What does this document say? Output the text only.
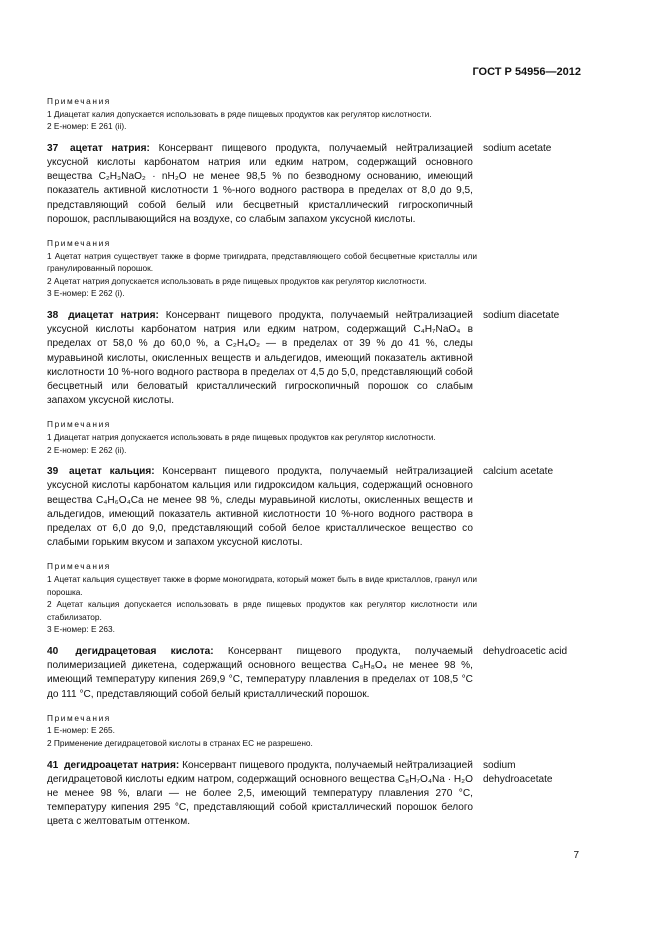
ГОСТ Р 54956—2012
Примечания
1 Диацетат калия допускается использовать в ряде пищевых продуктов как регулятор кислотности.
2 Е-номер: Е 261 (ii).

37 ацетат натрия: Консервант пищевого продукта, получаемый нейтрализацией уксусной кислоты карбонатом натрия или едким натром, содержащий основного вещества C₂H₃NaO₂ · nH₂O не менее 98,5 % по безводному основанию, имеющий показатель активной кислотности 1 %-ного водного раствора в пределах от 8,0 до 9,5, представляющий собой белый или бесцветный кристаллический гигроскопичный порошок, расплывающийся на воздухе, со слабым запахом уксусной кислоты.

sodium acetate
Примечания
1 Ацетат натрия существует также в форме тригидрата, представляющего собой бесцветные кристаллы или гранулированный порошок.
2 Ацетат натрия допускается использовать в ряде пищевых продуктов как регулятор кислотности.
3 Е-номер: Е 262 (i).

38 диацетат натрия: Консервант пищевого продукта, получаемый нейтрализацией уксусной кислоты карбонатом натрия или едким натром, содержащий C₄H₇NaO₄ в пределах от 58,0 % до 60,0 %, а C₂H₄O₂ — в пределах от 39 % до 41 %, следы муравьиной кислоты, окисленных веществ и альдегидов, имеющий показатель активной кислотности 10 %-ного водного раствора в пределах от 4,5 до 5,0, представляющий собой бесцветный или беловатый кристаллический гигроскопичный порошок со слабым запахом уксусной кислоты.

sodium diacetate
Примечания
1 Диацетат натрия допускается использовать в ряде пищевых продуктов как регулятор кислотности.
2 Е-номер: Е 262 (ii).

39 ацетат кальция: Консервант пищевого продукта, получаемый нейтрализацией уксусной кислоты карбонатом кальция или гидроксидом кальция, содержащий основного вещества C₄H₆O₄Ca не менее 98 %, следы муравьиной кислоты, окисленных веществ и альдегидов, имеющий показатель активной кислотности 10 %-ного водного раствора в пределах от 6,0 до 9,0, представляющий собой белое кристаллическое вещество со слабыми горьким вкусом и запахом уксусной кислоты.

calcium acetate
Примечания
1 Ацетат кальция существует также в форме моногидрата, который может быть в виде кристаллов, гранул или порошка.
2 Ацетат кальция допускается использовать в ряде пищевых продуктов как регулятор кислотности или стабилизатор.
3 Е-номер: Е 263.

40 дегидрацетовая кислота: Консервант пищевого продукта, получаемый полимеризацией дикетена, содержащий основного вещества C₈H₈O₄ не менее 98 %, имеющий температуру кипения 269,9 °С, температуру плавления в пределах от 108,5 °С до 111 °С, представляющий собой белый кристаллический порошок.

dehydroacetic acid
Примечания
1 Е-номер: Е 265.
2 Применение дегидрацетовой кислоты в странах ЕС не разрешено.

41 дегидроацетат натрия: Консервант пищевого продукта, получаемый нейтрализацией дегидрацетовой кислоты едким натром, содержащий основного вещества C₈H₇O₄Na · H₂O не менее 98 %, влаги — не более 2,5, имеющий температуру плавления 270 °С, температуру кипения 295 °С, представляющий собой кристаллический порошок белого цвета с желтоватым оттенком.

sodium dehydroacetate
7
